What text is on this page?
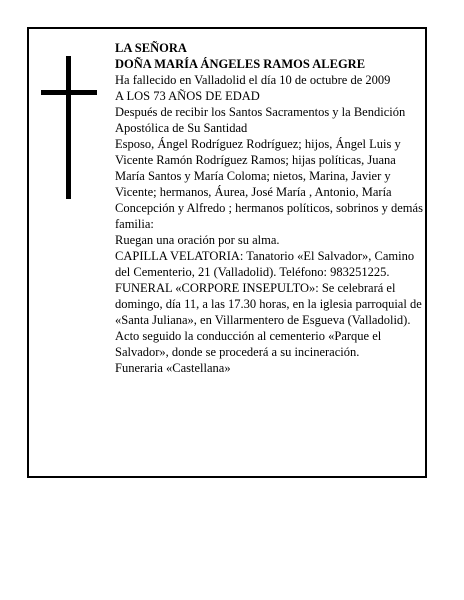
LA SEÑORA

DOÑA MARÍA ÁNGELES RAMOS ALEGRE

Ha fallecido en Valladolid el día 10 de octubre de 2009

A LOS 73 AÑOS DE EDAD

Después de recibir los Santos Sacramentos y la Bendición Apostólica de Su Santidad

Esposo, Ángel Rodríguez Rodríguez; hijos, Ángel Luis y Vicente Ramón Rodríguez Ramos; hijas políticas, Juana María Santos y María Coloma; nietos, Marina, Javier y Vicente; hermanos, Áurea, José María , Antonio, María Concepción y Alfredo ; hermanos políticos, sobrinos y demás familia:

Ruegan una oración por su alma.

CAPILLA VELATORIA: Tanatorio «El Salvador», Camino del Cementerio, 21 (Valladolid). Teléfono: 983251225.

FUNERAL «CORPORE INSEPULTO»: Se celebrará el domingo, día 11, a las 17.30 horas, en la iglesia parroquial de «Santa Juliana», en Villarmentero de Esgueva (Valladolid). Acto seguido la conducción al cementerio «Parque el Salvador», donde se procederá a su incineración.

Funeraria «Castellana»
